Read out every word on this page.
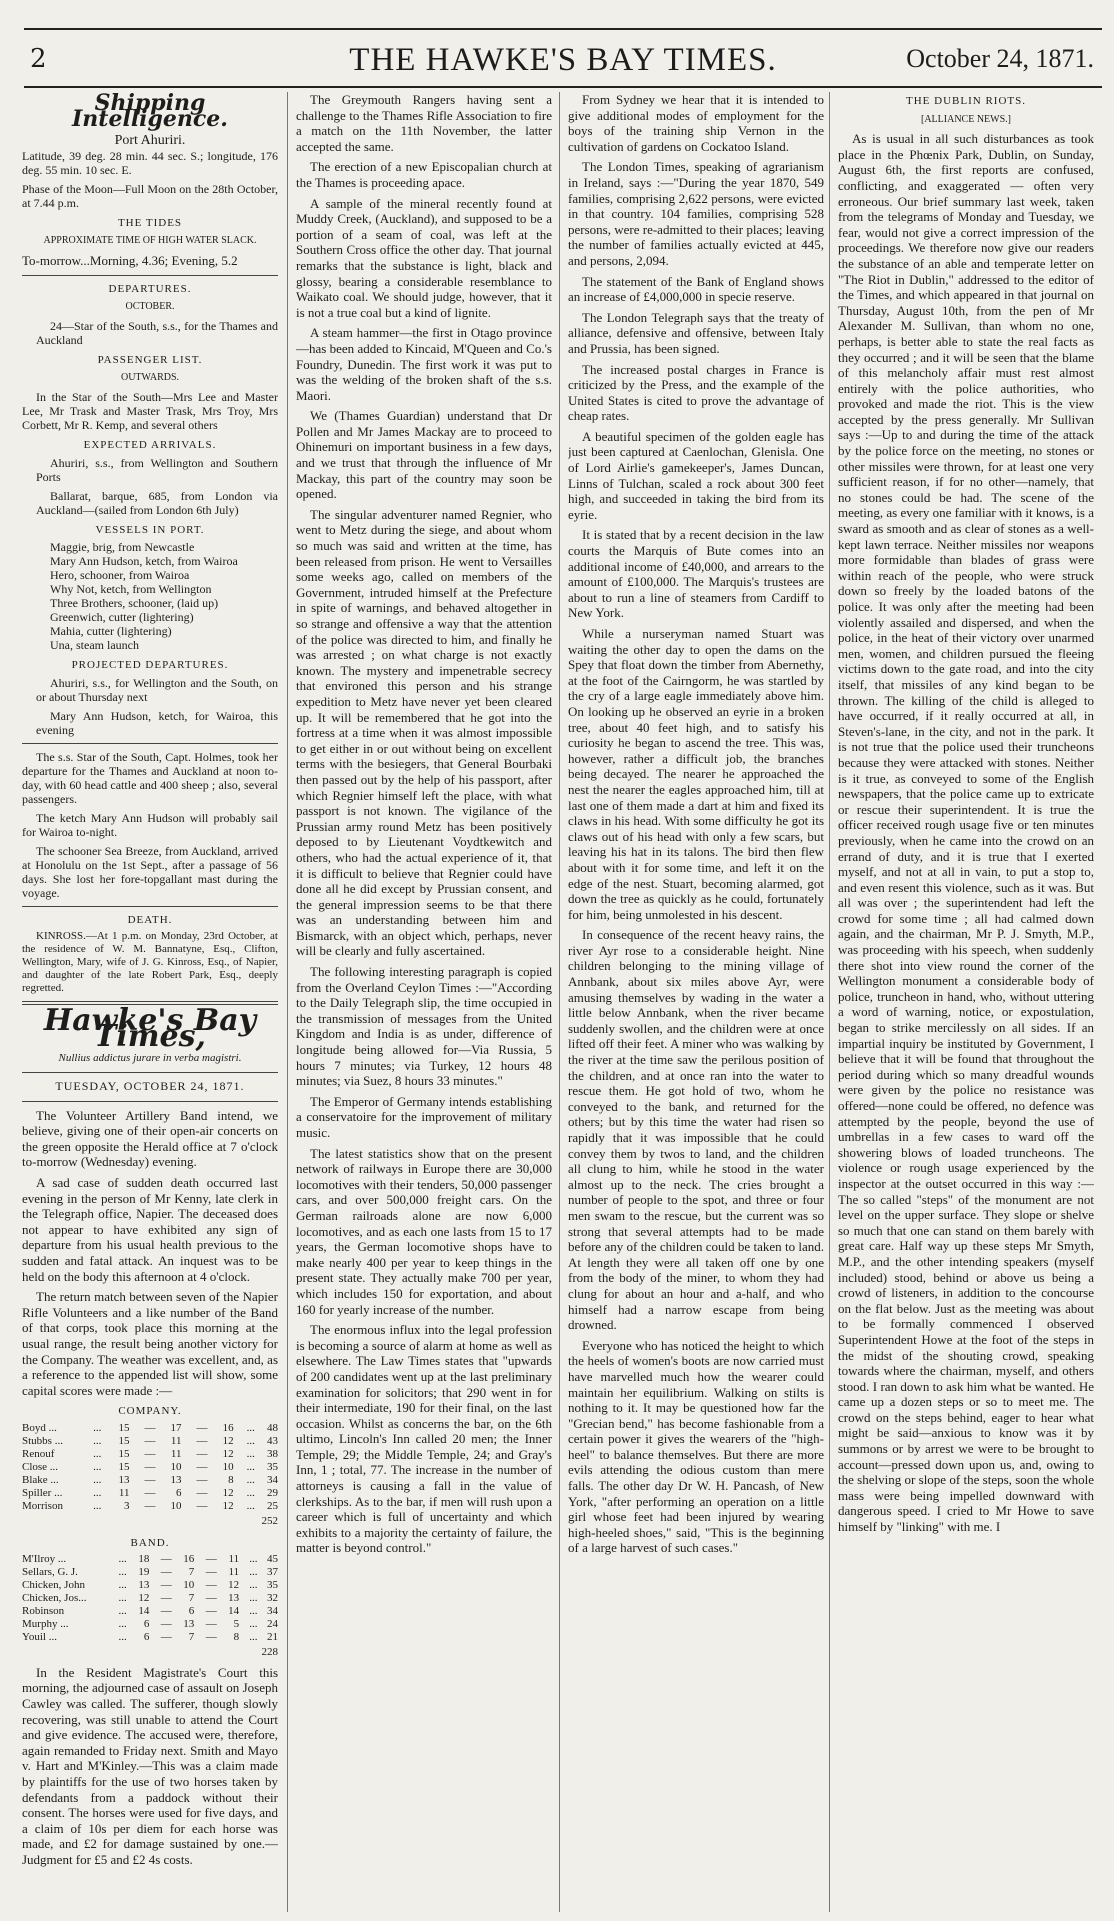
2	THE HAWKE'S BAY TIMES.	October 24, 1871.
Shipping Intelligence.
Port Ahuriri.

Latitude, 39 deg. 28 min. 44 sec. S.; longitude, 176 deg. 55 min. 10 sec. E.

Phase of the Moon—Full Moon on the 28th October, at 7.44 p.m.

THE TIDES
APPROXIMATE TIME OF HIGH WATER SLACK.

To-morrow...Morning, 4.36; Evening, 5.2

DEPARTURES.
OCTOBER.

24—Star of the South, s.s., for the Thames and Auckland

PASSENGER LIST.
OUTWARDS.

In the Star of the South—Mrs Lee and Master Lee, Mr Trask and Master Trask, Mrs Troy, Mrs Corbett, Mr R. Kemp, and several others

EXPECTED ARRIVALS.

Ahuriri, s.s., from Wellington and Southern Ports

Ballarat, barque, 685, from London via Auckland—(sailed from London 6th July)

VESSELS IN PORT.

Maggie, brig, from Newcastle

Mary Ann Hudson, ketch, from Wairoa

Hero, schooner, from Wairoa

Why Not, ketch, from Wellington

Three Brothers, schooner, (laid up)

Greenwich, cutter (lightering)

Mahia, cutter (lightering)

Una, steam launch

PROJECTED DEPARTURES.

Ahuriri, s.s., for Wellington and the South, on or about Thursday next

Mary Ann Hudson, ketch, for Wairoa, this evening

The s.s. Star of the South, Capt. Holmes, took her departure for the Thames and Auckland at noon to-day, with 60 head cattle and 400 sheep ; also, several passengers.

The ketch Mary Ann Hudson will probably sail for Wairoa to-night.

The schooner Sea Breeze, from Auckland, arrived at Honolulu on the 1st Sept., after a passage of 56 days. She lost her fore-topgallant mast during the voyage.

DEATH.

KINROSS.—At 1 p.m. on Monday, 23rd October, at the residence of W. M. Bannatyne, Esq., Clifton, Wellington, Mary, wife of J. G. Kinross, Esq., of Napier, and daughter of the late Robert Park, Esq., deeply regretted.

Hawke's Bay Times,
Nullius addictus jurare in verba magistri.
TUESDAY, OCTOBER 24, 1871.

The Volunteer Artillery Band intend, we believe, giving one of their open-air concerts on the green opposite the Herald office at 7 o'clock to-morrow (Wednesday) evening.

A sad case of sudden death occurred last evening in the person of Mr Kenny, late clerk in the Telegraph office, Napier. The deceased does not appear to have exhibited any sign of departure from his usual health previous to the sudden and fatal attack. An inquest was to be held on the body this afternoon at 4 o'clock.

The return match between seven of the Napier Rifle Volunteers and a like number of the Band of that corps, took place this morning at the usual range, the result being another victory for the Company. The weather was excellent, and, as a reference to the appended list will show, some capital scores were made :—

COMPANY.
Boyd ...	...	15	—	17	—	16	...	48
Stubbs ...	...	15	—	11	—	12	...	43
Renouf	...	15	—	11	—	12	...	38
Close ...	...	15	—	10	—	10	...	35
Blake ...	...	13	—	13	—	8	...	34
Spiller ...	...	11	—	6	—	12	...	29
Morrison	...	3	—	10	—	12	...	25
252
BAND.
M'Ilroy ...	...	18	—	16	—	11	...	45
Sellars, G. J.	...	19	—	7	—	11	...	37
Chicken, John	...	13	—	10	—	12	...	35
Chicken, Jos...	...	12	—	7	—	13	...	32
Robinson	...	14	—	6	—	14	...	34
Murphy ...	...	6	—	13	—	5	...	24
Youil ...	...	6	—	7	—	8	...	21
228

In the Resident Magistrate's Court this morning, the adjourned case of assault on Joseph Cawley was called. The sufferer, though slowly recovering, was still unable to attend the Court and give evidence. The accused were, therefore, again remanded to Friday next. Smith and Mayo v. Hart and M'Kinley.—This was a claim made by plaintiffs for the use of two horses taken by defendants from a paddock without their consent. The horses were used for five days, and a claim of 10s per diem for each horse was made, and £2 for damage sustained by one.—Judgment for £5 and £2 4s costs.

The Greymouth Rangers having sent a challenge to the Thames Rifle Association to fire a match on the 11th November, the latter accepted the same.

The erection of a new Episcopalian church at the Thames is proceeding apace.

A sample of the mineral recently found at Muddy Creek, (Auckland), and supposed to be a portion of a seam of coal, was left at the Southern Cross office the other day. That journal remarks that the substance is light, black and glossy, bearing a considerable resemblance to Waikato coal. We should judge, however, that it is not a true coal but a kind of lignite.

A steam hammer—the first in Otago province—has been added to Kincaid, M'Queen and Co.'s Foundry, Dunedin. The first work it was put to was the welding of the broken shaft of the s.s. Maori.

We (Thames Guardian) understand that Dr Pollen and Mr James Mackay are to proceed to Ohinemuri on important business in a few days, and we trust that through the influence of Mr Mackay, this part of the country may soon be opened.

The singular adventurer named Regnier, who went to Metz during the siege, and about whom so much was said and written at the time, has been released from prison. He went to Versailles some weeks ago, called on members of the Government, intruded himself at the Prefecture in spite of warnings, and behaved altogether in so strange and offensive a way that the attention of the police was directed to him, and finally he was arrested ; on what charge is not exactly known. The mystery and impenetrable secrecy that environed this person and his strange expedition to Metz have never yet been cleared up. It will be remembered that he got into the fortress at a time when it was almost impossible to get either in or out without being on excellent terms with the besiegers, that General Bourbaki then passed out by the help of his passport, after which Regnier himself left the place, with what passport is not known. The vigilance of the Prussian army round Metz has been positively deposed to by Lieutenant Voydtkewitch and others, who had the actual experience of it, that it is difficult to believe that Regnier could have done all he did except by Prussian consent, and the general impression seems to be that there was an understanding between him and Bismarck, with an object which, perhaps, never will be clearly and fully ascertained.

The following interesting paragraph is copied from the Overland Ceylon Times :—"According to the Daily Telegraph slip, the time occupied in the transmission of messages from the United Kingdom and India is as under, difference of longitude being allowed for—Via Russia, 5 hours 7 minutes; via Turkey, 12 hours 48 minutes; via Suez, 8 hours 33 minutes."

The Emperor of Germany intends establishing a conservatoire for the improvement of military music.

The latest statistics show that on the present network of railways in Europe there are 30,000 locomotives with their tenders, 50,000 passenger cars, and over 500,000 freight cars. On the German railroads alone are now 6,000 locomotives, and as each one lasts from 15 to 17 years, the German locomotive shops have to make nearly 400 per year to keep things in the present state. They actually make 700 per year, which includes 150 for exportation, and about 160 for yearly increase of the number.

The enormous influx into the legal profession is becoming a source of alarm at home as well as elsewhere. The Law Times states that "upwards of 200 candidates went up at the last preliminary examination for solicitors; that 290 went in for their intermediate, 190 for their final, on the last occasion. Whilst as concerns the bar, on the 6th ultimo, Lincoln's Inn called 20 men; the Inner Temple, 29; the Middle Temple, 24; and Gray's Inn, 1 ; total, 77. The increase in the number of attorneys is causing a fall in the value of clerkships. As to the bar, if men will rush upon a career which is full of uncertainty and which exhibits to a majority the certainty of failure, the matter is beyond control."

From Sydney we hear that it is intended to give additional modes of employment for the boys of the training ship Vernon in the cultivation of gardens on Cockatoo Island.

The London Times, speaking of agrarianism in Ireland, says :—"During the year 1870, 549 families, comprising 2,622 persons, were evicted in that country. 104 families, comprising 528 persons, were re-admitted to their places; leaving the number of families actually evicted at 445, and persons, 2,094.

The statement of the Bank of England shows an increase of £4,000,000 in specie reserve.

The London Telegraph says that the treaty of alliance, defensive and offensive, between Italy and Prussia, has been signed.

The increased postal charges in France is criticized by the Press, and the example of the United States is cited to prove the advantage of cheap rates.

A beautiful specimen of the golden eagle has just been captured at Caenlochan, Glenisla. One of Lord Airlie's gamekeeper's, James Duncan, Linns of Tulchan, scaled a rock about 300 feet high, and succeeded in taking the bird from its eyrie.

It is stated that by a recent decision in the law courts the Marquis of Bute comes into an additional income of £40,000, and arrears to the amount of £100,000. The Marquis's trustees are about to run a line of steamers from Cardiff to New York.

While a nurseryman named Stuart was waiting the other day to open the dams on the Spey that float down the timber from Abernethy, at the foot of the Cairngorm, he was startled by the cry of a large eagle immediately above him. On looking up he observed an eyrie in a broken tree, about 40 feet high, and to satisfy his curiosity he began to ascend the tree. This was, however, rather a difficult job, the branches being decayed. The nearer he approached the nest the nearer the eagles approached him, till at last one of them made a dart at him and fixed its claws in his head. With some difficulty he got its claws out of his head with only a few scars, but leaving his hat in its talons. The bird then flew about with it for some time, and left it on the edge of the nest. Stuart, becoming alarmed, got down the tree as quickly as he could, fortunately for him, being unmolested in his descent.

In consequence of the recent heavy rains, the river Ayr rose to a considerable height. Nine children belonging to the mining village of Annbank, about six miles above Ayr, were amusing themselves by wading in the water a little below Annbank, when the river became suddenly swollen, and the children were at once lifted off their feet. A miner who was walking by the river at the time saw the perilous position of the children, and at once ran into the water to rescue them. He got hold of two, whom he conveyed to the bank, and returned for the others; but by this time the water had risen so rapidly that it was impossible that he could convey them by twos to land, and the children all clung to him, while he stood in the water almost up to the neck. The cries brought a number of people to the spot, and three or four men swam to the rescue, but the current was so strong that several attempts had to be made before any of the children could be taken to land. At length they were all taken off one by one from the body of the miner, to whom they had clung for about an hour and a-half, and who himself had a narrow escape from being drowned.

Everyone who has noticed the height to which the heels of women's boots are now carried must have marvelled much how the wearer could maintain her equilibrium. Walking on stilts is nothing to it. It may be questioned how far the "Grecian bend," has become fashionable from a certain power it gives the wearers of the "high-heel" to balance themselves. But there are more evils attending the odious custom than mere falls. The other day Dr W. H. Pancash, of New York, "after performing an operation on a little girl whose feet had been injured by wearing high-heeled shoes," said, "This is the beginning of a large harvest of such cases."

THE DUBLIN RIOTS.
[ALLIANCE NEWS.]

As is usual in all such disturbances as took place in the Phœnix Park, Dublin, on Sunday, August 6th, the first reports are confused, conflicting, and exaggerated — often very erroneous. Our brief summary last week, taken from the telegrams of Monday and Tuesday, we fear, would not give a correct impression of the proceedings. We therefore now give our readers the substance of an able and temperate letter on "The Riot in Dublin," addressed to the editor of the Times, and which appeared in that journal on Thursday, August 10th, from the pen of Mr Alexander M. Sullivan, than whom no one, perhaps, is better able to state the real facts as they occurred ; and it will be seen that the blame of this melancholy affair must rest almost entirely with the police authorities, who provoked and made the riot. This is the view accepted by the press generally. Mr Sullivan says :—Up to and during the time of the attack by the police force on the meeting, no stones or other missiles were thrown, for at least one very sufficient reason, if for no other—namely, that no stones could be had. The scene of the meeting, as every one familiar with it knows, is a sward as smooth and as clear of stones as a well-kept lawn terrace. Neither missiles nor weapons more formidable than blades of grass were within reach of the people, who were struck down so freely by the loaded batons of the police. It was only after the meeting had been violently assailed and dispersed, and when the police, in the heat of their victory over unarmed men, women, and children pursued the fleeing victims down to the gate road, and into the city itself, that missiles of any kind began to be thrown. The killing of the child is alleged to have occurred, if it really occurred at all, in Steven's-lane, in the city, and not in the park. It is not true that the police used their truncheons because they were attacked with stones. Neither is it true, as conveyed to some of the English newspapers, that the police came up to extricate or rescue their superintendent. It is true the officer received rough usage five or ten minutes previously, when he came into the crowd on an errand of duty, and it is true that I exerted myself, and not at all in vain, to put a stop to, and even resent this violence, such as it was. But all was over ; the superintendent had left the crowd for some time ; all had calmed down again, and the chairman, Mr P. J. Smyth, M.P., was proceeding with his speech, when suddenly there shot into view round the corner of the Wellington monument a considerable body of police, truncheon in hand, who, without uttering a word of warning, notice, or expostulation, began to strike mercilessly on all sides. If an impartial inquiry be instituted by Government, I believe that it will be found that throughout the period during which so many dreadful wounds were given by the police no resistance was offered—none could be offered, no defence was attempted by the people, beyond the use of umbrellas in a few cases to ward off the showering blows of loaded truncheons. The violence or rough usage experienced by the inspector at the outset occurred in this way :—The so called "steps" of the monument are not level on the upper surface. They slope or shelve so much that one can stand on them barely with great care. Half way up these steps Mr Smyth, M.P., and the other intending speakers (myself included) stood, behind or above us being a crowd of listeners, in addition to the concourse on the flat below. Just as the meeting was about to be formally commenced I observed Superintendent Howe at the foot of the steps in the midst of the shouting crowd, speaking towards where the chairman, myself, and others stood. I ran down to ask him what be wanted. He came up a dozen steps or so to meet me. The crowd on the steps behind, eager to hear what might be said—anxious to know was it by summons or by arrest we were to be brought to account—pressed down upon us, and, owing to the shelving or slope of the steps, soon the whole mass were being impelled downward with dangerous speed. I cried to Mr Howe to save himself by "linking" with me. I
